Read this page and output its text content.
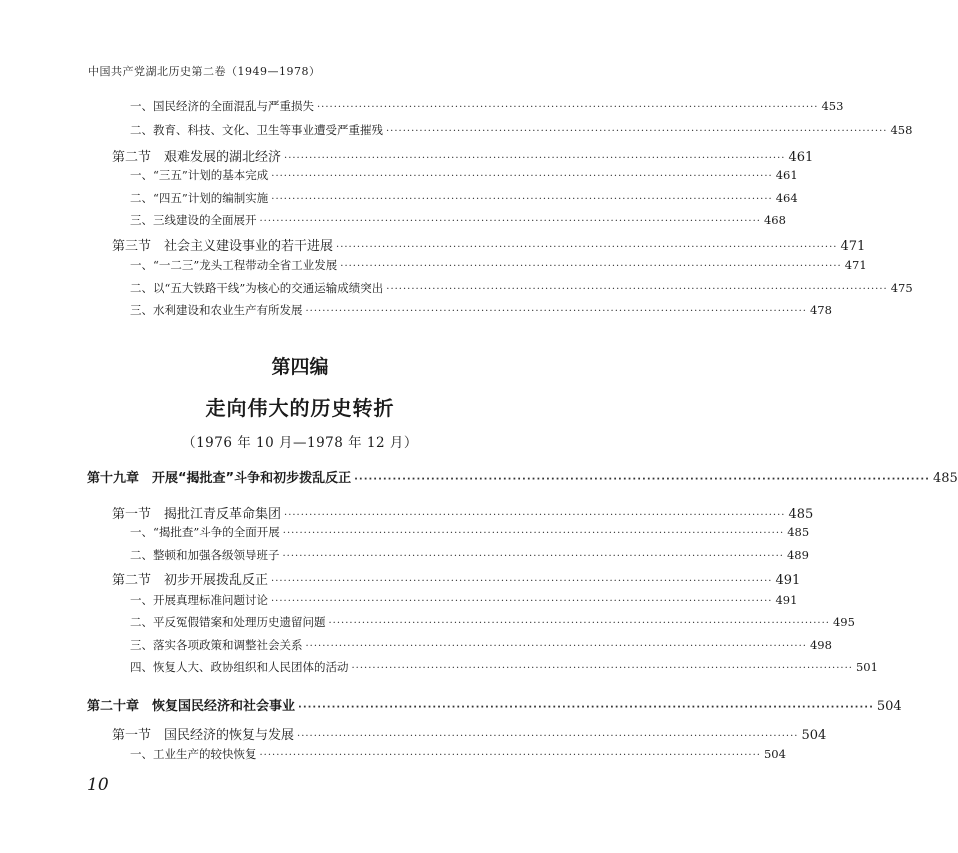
中国共产党湖北历史第二卷（1949—1978）
一、国民经济的全面混乱与严重损失 ························································································································ 453
二、教育、科技、文化、卫生等事业遭受严重摧残 ························································································································ 458
第二节　艰难发展的湖北经济 ························································································································ 461
一、“三五”计划的基本完成 ························································································································ 461
二、“四五”计划的编制实施 ························································································································ 464
三、三线建设的全面展开 ························································································································ 468
第三节　社会主义建设事业的若干进展 ························································································································ 471
一、“一二三”龙头工程带动全省工业发展 ························································································································ 471
二、以“五大铁路干线”为核心的交通运输成绩突出 ························································································································ 475
三、水利建设和农业生产有所发展 ························································································································ 478
第十九章　开展“揭批查”斗争和初步拨乱反正 ························································································································ 485
第一节　揭批江青反革命集团 ························································································································ 485
一、“揭批查”斗争的全面开展 ························································································································ 485
二、整顿和加强各级领导班子 ························································································································ 489
第二节　初步开展拨乱反正 ························································································································ 491
一、开展真理标准问题讨论 ························································································································ 491
二、平反冤假错案和处理历史遗留问题 ························································································································ 495
三、落实各项政策和调整社会关系 ························································································································ 498
四、恢复人大、政协组织和人民团体的活动 ························································································································ 501
第二十章　恢复国民经济和社会事业 ························································································································ 504
第一节　国民经济的恢复与发展 ························································································································ 504
一、工业生产的较快恢复 ························································································································ 504
第四编
走向伟大的历史转折
（1976 年 10 月—1978 年 12 月）
10
